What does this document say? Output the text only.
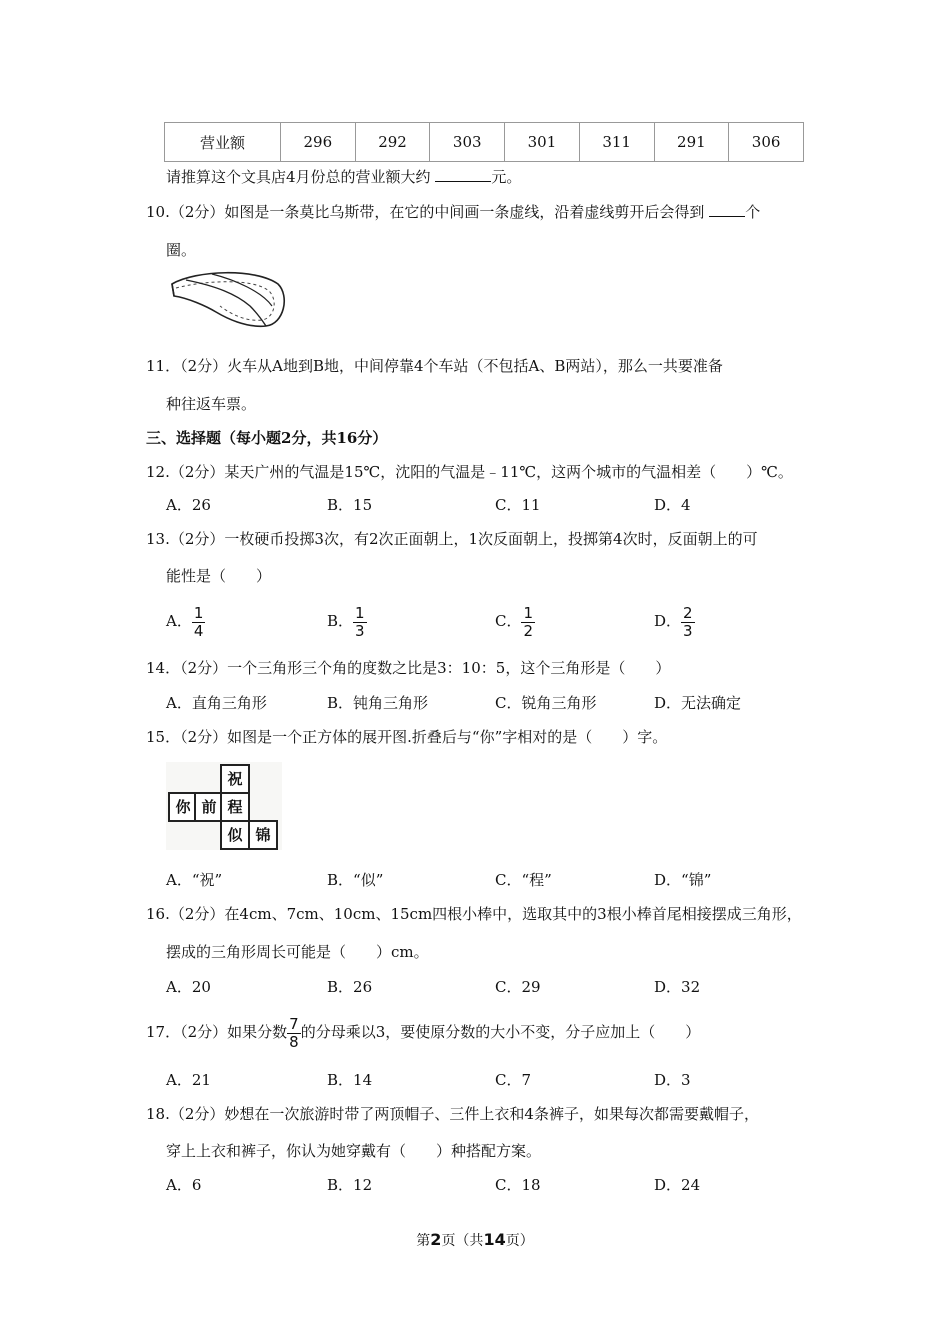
营业额	296	292	303	301	311	291	306
请推算这个文具店4月份总的营业额大约	元。
10.（2分）如图是一条莫比乌斯带，在它的中间画一条虚线，沿着虚线剪开后会得到	个
圈。
11．（2分）火车从A地到B地，中间停靠4个车站（不包括A、B两站），那么一共要准备
种往返车票。
三、选择题（每小题2分，共16分）
12.（2分）某天广州的气温是15℃，沈阳的气温是﹣11℃，这两个城市的气温相差（　　）℃。
A．26	B．15	C．11	D．4
13.（2分）一枚硬币投掷3次，有2次正面朝上，1次反面朝上，投掷第4次时，反面朝上的可
能性是（　　）
A． $\frac{1}{4}$	B． $\frac{1}{3}$	C． $\frac{1}{2}$	D． $\frac{2}{3}$
14．（2分）一个三角形三个角的度数之比是3：10：5，这个三角形是（　　）
A．直角三角形	B．钝角三角形	C．锐角三角形	D．无法确定
15．（2分）如图是一个正方体的展开图.折叠后与“你”字相对的是（　　）字。
祝
你 前 程
似 锦
A．“祝”	B．“似”	C．“程”	D．“锦”
16.（2分）在4cm、7cm、10cm、15cm四根小棒中，选取其中的3根小棒首尾相接摆成三角形，
摆成的三角形周长可能是（　　）cm。
A．20	B．26	C．29	D．32
17．（2分）如果分数 $\frac{7}{8}$ 的分母乘以3，要使原分数的大小不变，分子应加上（　　）
A．21	B．14	C．7	D．3
18.（2分）妙想在一次旅游时带了两顶帽子、三件上衣和4条裤子，如果每次都需要戴帽子，
穿上上衣和裤子，你认为她穿戴有（　　）种搭配方案。
A．6	B．12	C．18	D．24
第2页（共14页）
